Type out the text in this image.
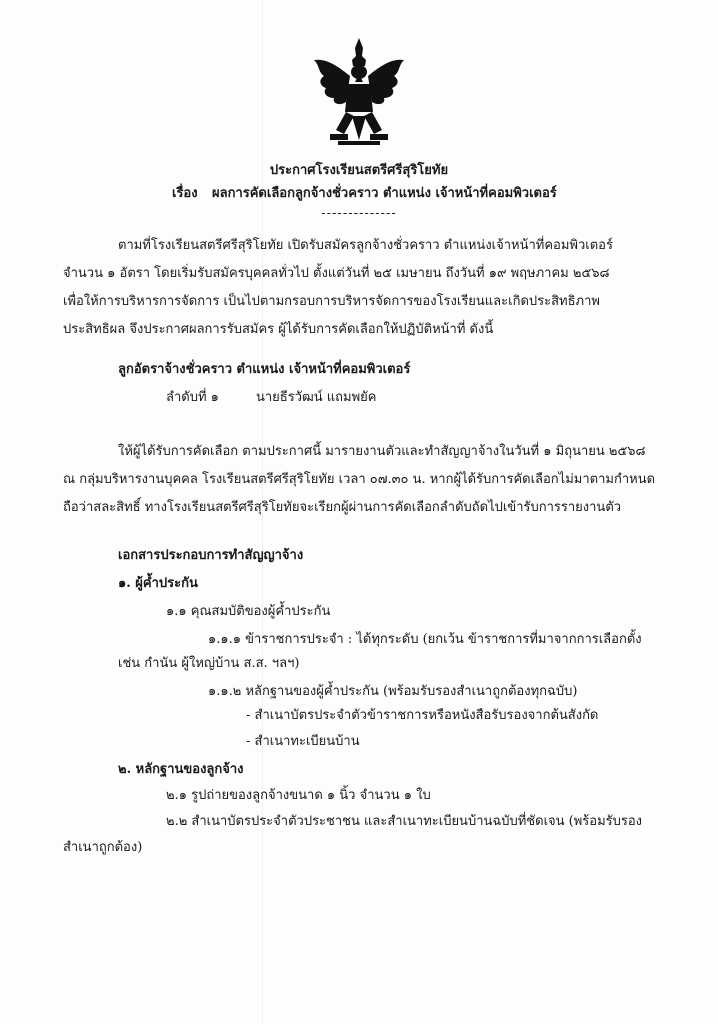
ประกาศโรงเรียนสตรีศรีสุริโยทัย
เรื่อง ผลการคัดเลือกลูกจ้างชั่วคราว ตำแหน่ง เจ้าหน้าที่คอมพิวเตอร์
--------------
ตามที่โรงเรียนสตรีศรีสุริโยทัย เปิดรับสมัครลูกจ้างชั่วคราว ตำแหน่งเจ้าหน้าที่คอมพิวเตอร์
จำนวน ๑ อัตรา โดยเริ่มรับสมัครบุคคลทั่วไป ตั้งแต่วันที่ ๒๕ เมษายน ถึงวันที่ ๑๙ พฤษภาคม ๒๕๖๘
เพื่อให้การบริหารการจัดการ เป็นไปตามกรอบการบริหารจัดการของโรงเรียนและเกิดประสิทธิภาพ
ประสิทธิผล จึงประกาศผลการรับสมัคร ผู้ได้รับการคัดเลือกให้ปฏิบัติหน้าที่ ดังนี้
ลูกอัตราจ้างชั่วคราว ตำแหน่ง เจ้าหน้าที่คอมพิวเตอร์
ลำดับที่ ๑	นายธีรวัฒน์ แถมพยัค
ให้ผู้ได้รับการคัดเลือก ตามประกาศนี้ มารายงานตัวและทำสัญญาจ้างในวันที่ ๑ มิถุนายน ๒๕๖๘
ณ กลุ่มบริหารงานบุคคล โรงเรียนสตรีศรีสุริโยทัย เวลา ๐๗.๓๐ น. หากผู้ได้รับการคัดเลือกไม่มาตามกำหนด
ถือว่าสละสิทธิ์ ทางโรงเรียนสตรีศรีสุริโยทัยจะเรียกผู้ผ่านการคัดเลือกลำดับถัดไปเข้ารับการรายงานตัว
เอกสารประกอบการทำสัญญาจ้าง
๑. ผู้ค้ำประกัน
๑.๑ คุณสมบัติของผู้ค้ำประกัน
๑.๑.๑ ข้าราชการประจำ : ได้ทุกระดับ (ยกเว้น ข้าราชการที่มาจากการเลือกตั้ง
เช่น กำนัน ผู้ใหญ่บ้าน ส.ส. ฯลฯ)
๑.๑.๒ หลักฐานของผู้ค้ำประกัน (พร้อมรับรองสำเนาถูกต้องทุกฉบับ)
- สำเนาบัตรประจำตัวข้าราชการหรือหนังสือรับรองจากต้นสังกัด
- สำเนาทะเบียนบ้าน
๒. หลักฐานของลูกจ้าง
๒.๑ รูปถ่ายของลูกจ้างขนาด ๑ นิ้ว จำนวน ๑ ใบ
๒.๒ สำเนาบัตรประจำตัวประชาชน และสำเนาทะเบียนบ้านฉบับที่ชัดเจน (พร้อมรับรอง
สำเนาถูกต้อง)
